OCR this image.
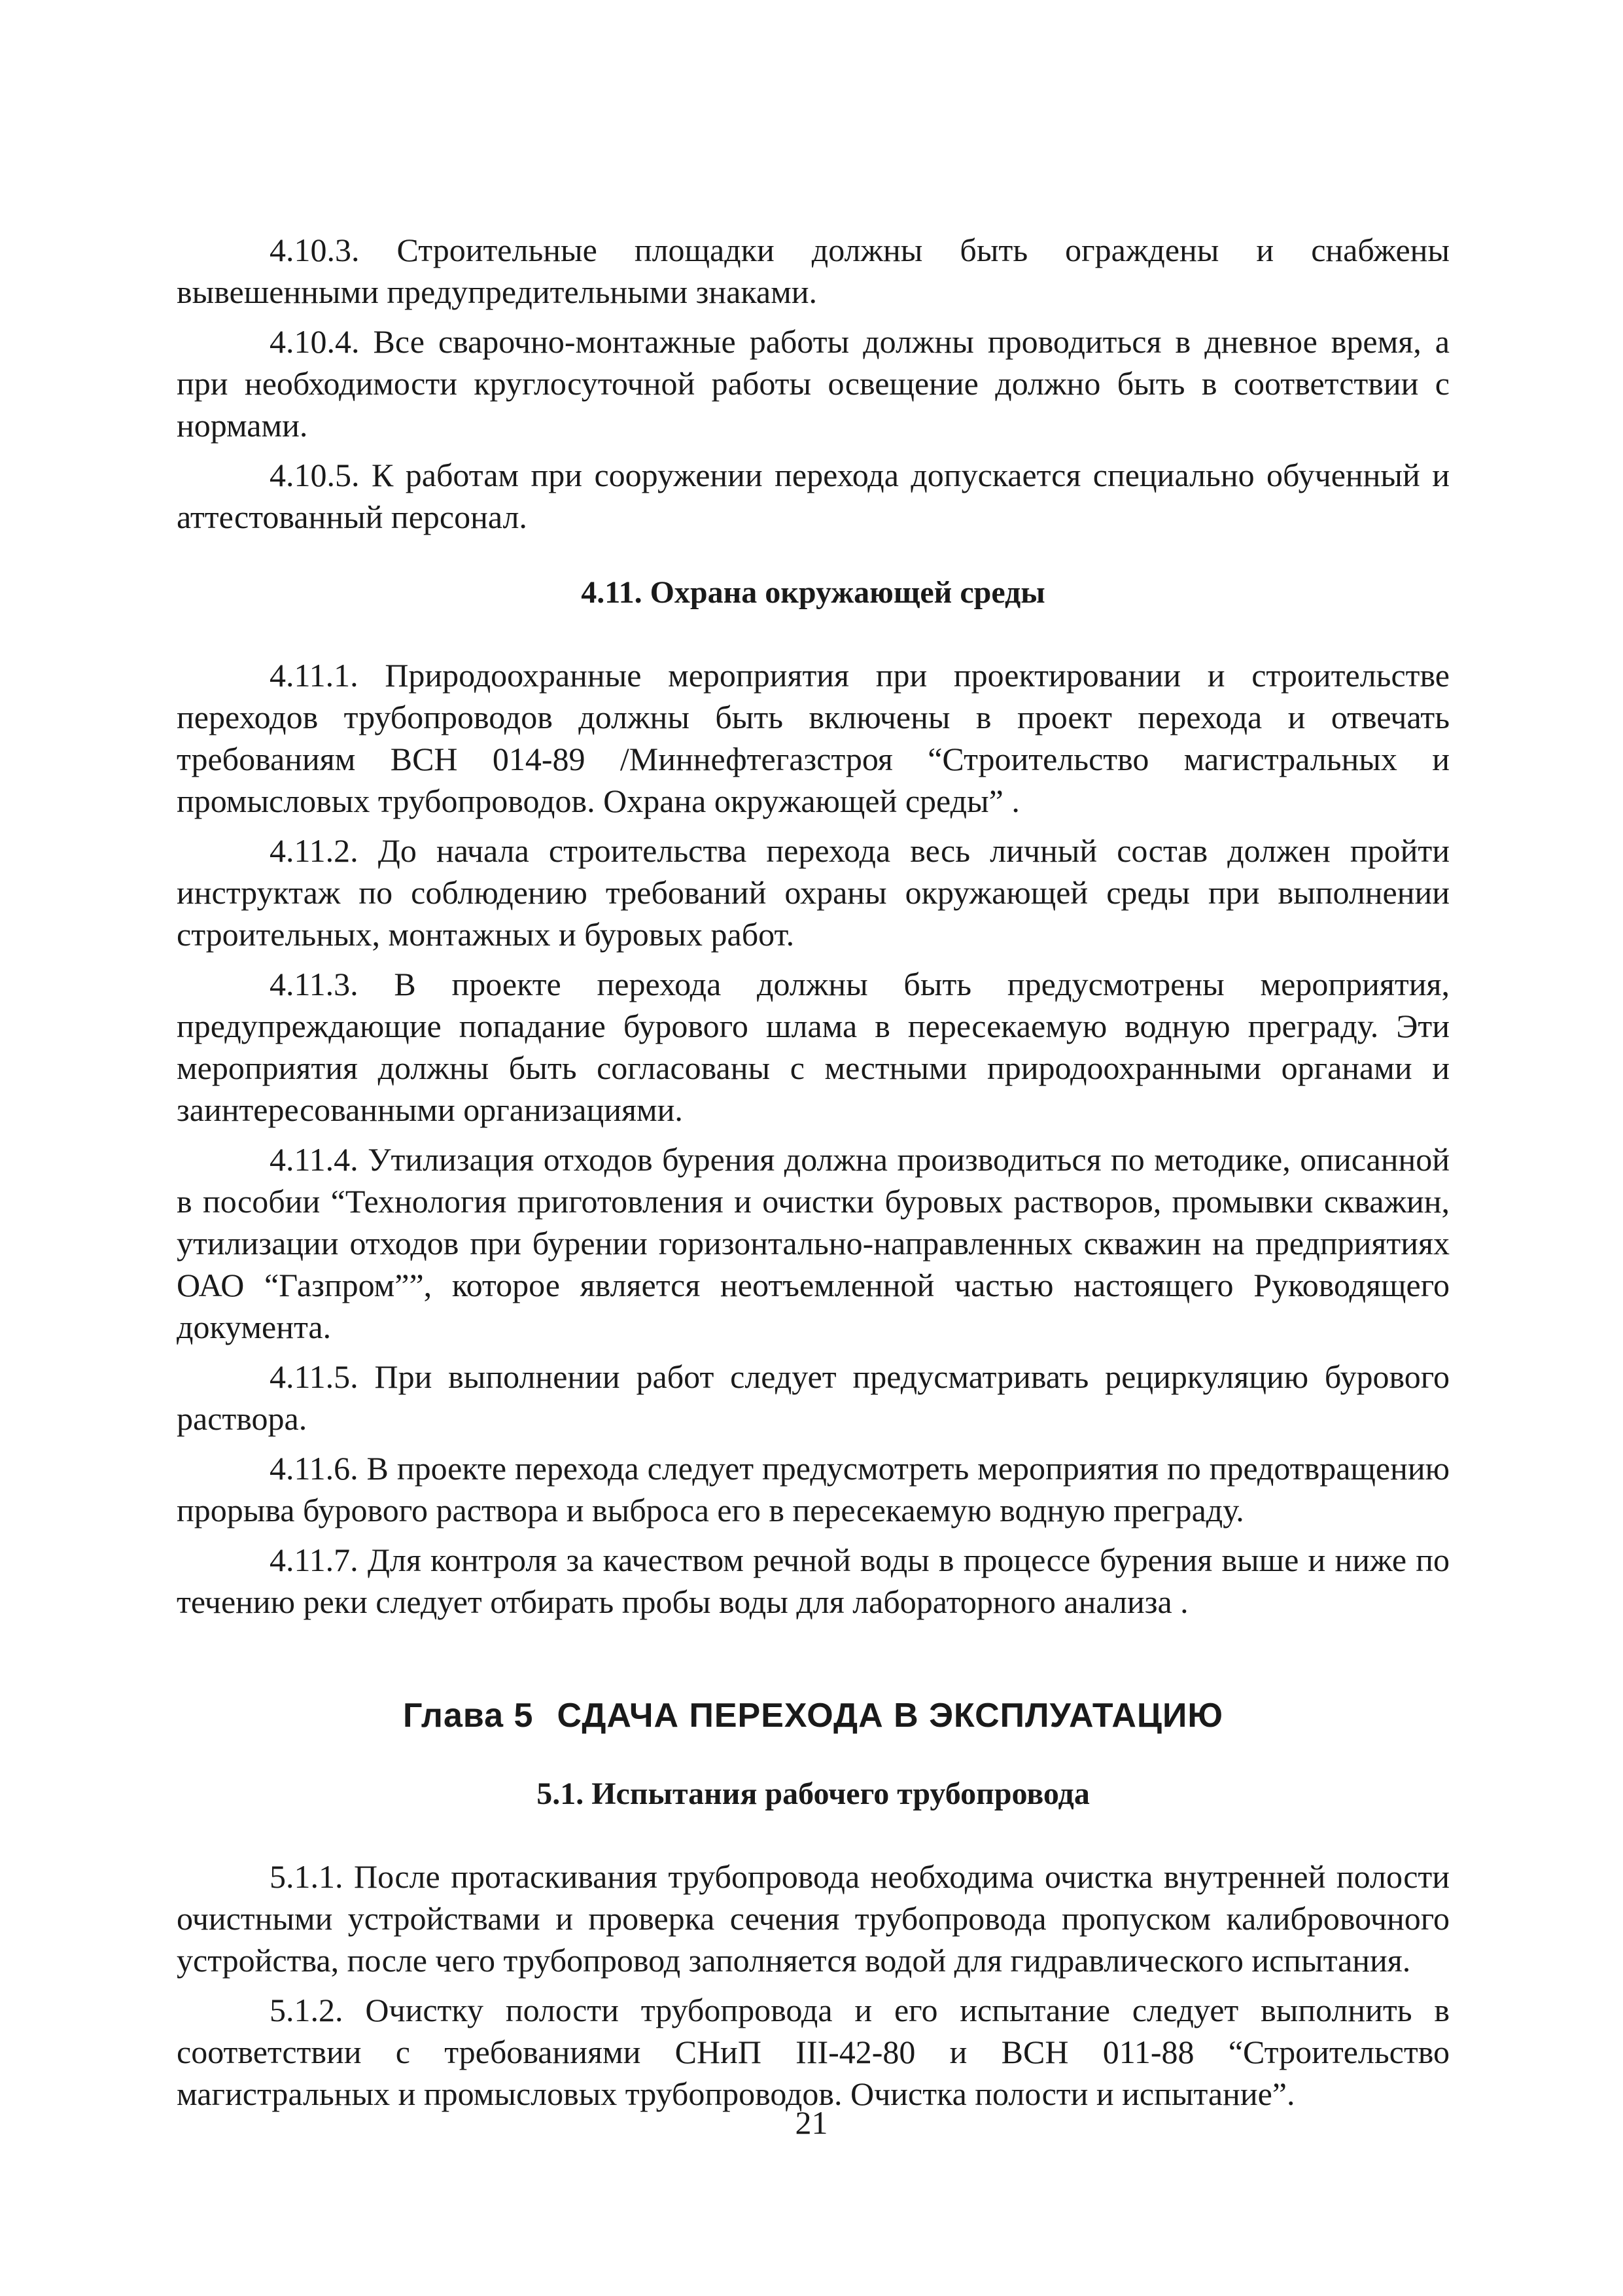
4.10.3. Строительные площадки должны быть ограждены и снабжены вывешенными предупредительными знаками.

4.10.4. Все сварочно-монтажные работы должны проводиться в дневное время, а при необходимости круглосуточной работы освещение должно быть в соответствии с нормами.

4.10.5. К работам при сооружении перехода допускается специально обученный и аттестованный персонал.

4.11. Охрана окружающей среды

4.11.1. Природоохранные мероприятия при проектировании и строительстве переходов трубопроводов должны быть включены в проект перехода и отвечать требованиям ВСН 014-89 /Миннефтегазстроя “Строительство магистральных и промысловых трубопроводов. Охрана окружающей среды” .

4.11.2. До начала строительства перехода весь личный состав должен пройти инструктаж по соблюдению требований охраны окружающей среды при выполнении строительных, монтажных и буровых работ.

4.11.3. В проекте перехода должны быть предусмотрены мероприятия, предупреждающие попадание бурового шлама в пересекаемую водную преграду. Эти мероприятия должны быть согласованы с местными природоохранными органами и заинтересованными организациями.

4.11.4. Утилизация отходов бурения должна производиться по методике, описанной в пособии “Технология приготовления и очистки буровых растворов, промывки скважин, утилизации отходов при бурении горизонтально-направленных скважин на предприятиях ОАО “Газпром””, которое является неотъемленной частью настоящего Руководящего документа.

4.11.5. При выполнении работ следует предусматривать рециркуляцию бурового раствора.

4.11.6. В проекте перехода следует предусмотреть мероприятия по предотвращению прорыва бурового раствора и выброса его в пересекаемую водную преграду.

4.11.7. Для контроля за качеством речной воды в процессе бурения выше и ниже по течению реки следует отбирать пробы воды для лабораторного анализа .

Глава 5 СДАЧА ПЕРЕХОДА В ЭКСПЛУАТАЦИЮ
5.1. Испытания рабочего трубопровода

5.1.1. После протаскивания трубопровода необходима очистка внутренней полости очистными устройствами и проверка сечения трубопровода пропуском калибровочного устройства, после чего трубопровод заполняется водой для гидравлического испытания.

5.1.2. Очистку полости трубопровода и его испытание следует выполнить в соответствии с требованиями СНиП III-42-80 и ВСН 011-88 “Строительство магистральных и промысловых трубопроводов. Очистка полости и испытание”.

21
